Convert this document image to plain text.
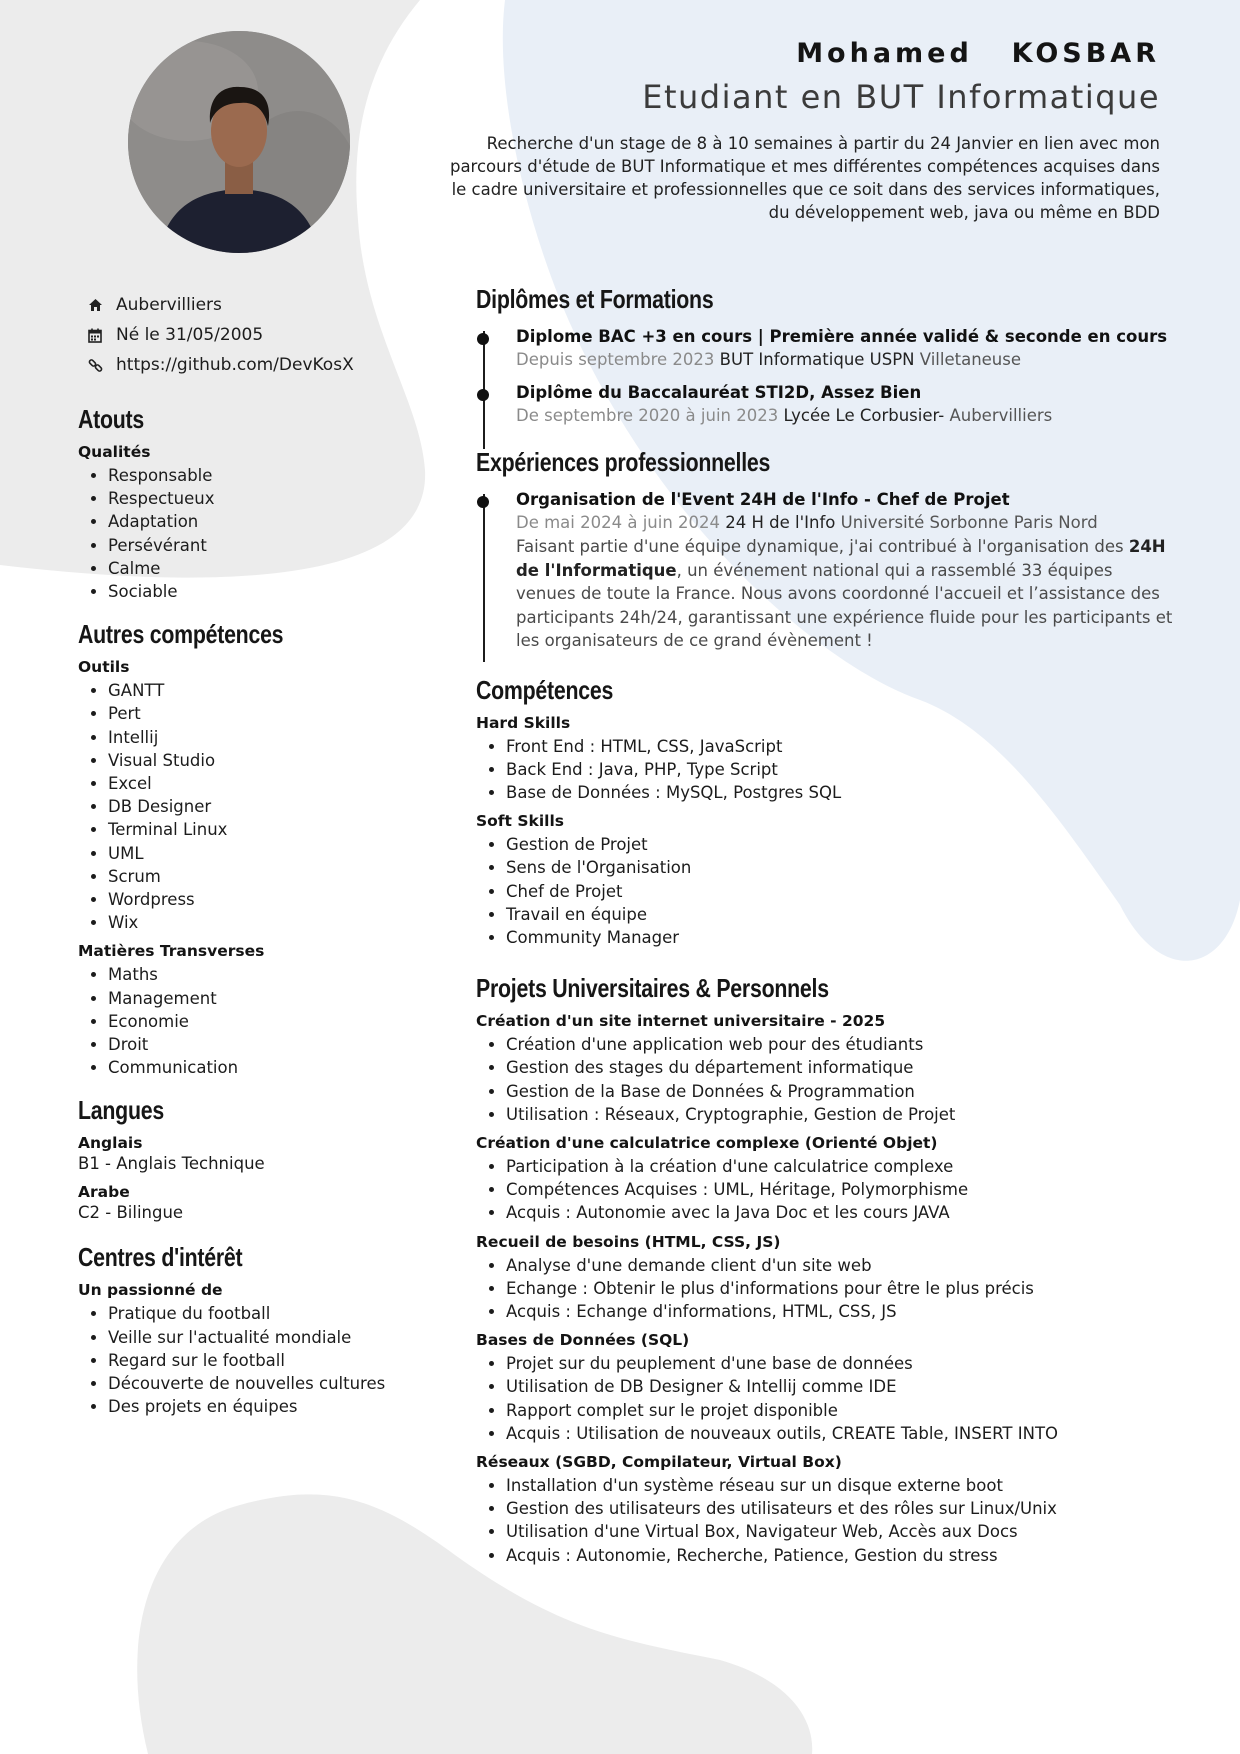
Mohamed  KOSBAR
Etudiant en BUT Informatique

Recherche d'un stage de 8 à 10 semaines à partir du 24 Janvier en lien avec mon parcours d'étude de BUT Informatique et mes différentes compétences acquises dans le cadre universitaire et professionnelles que ce soit dans des services informatiques, du développement web, java ou même en BDD

Aubervilliers
Né le 31/05/2005
https://github.com/DevKosX
Atouts

Qualités

• Responsable
• Respectueux
• Adaptation
• Persévérant
• Calme
• Sociable
Autres compétences

Outils

• GANTT
• Pert
• Intellij
• Visual Studio
• Excel
• DB Designer
• Terminal Linux
• UML
• Scrum
• Wordpress
• Wix

Matières Transverses

• Maths
• Management
• Economie
• Droit
• Communication
Langues

Anglais

B1 - Anglais Technique

Arabe

C2 - Bilingue

Centres d'intérêt

Un passionné de

• Pratique du football
• Veille sur l'actualité mondiale
• Regard sur le football
• Découverte de nouvelles cultures
• Des projets en équipes
Diplômes et Formations

Diplome BAC +3 en cours | Première année validé & seconde en cours

Depuis septembre 2023 BUT Informatique USPN Villetaneuse

Diplôme du Baccalauréat STI2D, Assez Bien

De septembre 2020 à juin 2023 Lycée Le Corbusier- Aubervilliers

Expériences professionnelles

Organisation de l'Event 24H de l'Info - Chef de Projet

De mai 2024 à juin 2024 24 H de l'Info Université Sorbonne Paris Nord

Faisant partie d'une équipe dynamique, j'ai contribué à l'organisation des 24H de l'Informatique, un événement national qui a rassemblé 33 équipes venues de toute la France. Nous avons coordonné l'accueil et l’assistance des participants 24h/24, garantissant une expérience fluide pour les participants et les organisateurs de ce grand évènement !

Compétences

Hard Skills

• Front End : HTML, CSS, JavaScript
• Back End : Java, PHP, Type Script
• Base de Données : MySQL, Postgres SQL

Soft Skills

• Gestion de Projet
• Sens de l'Organisation
• Chef de Projet
• Travail en équipe
• Community Manager
Projets Universitaires & Personnels

Création d'un site internet universitaire - 2025

• Création d'une application web pour des étudiants
• Gestion des stages du département informatique
• Gestion de la Base de Données & Programmation
• Utilisation : Réseaux, Cryptographie, Gestion de Projet

Création d'une calculatrice complexe (Orienté Objet)

• Participation à la création d'une calculatrice complexe
• Compétences Acquises : UML, Héritage, Polymorphisme
• Acquis : Autonomie avec la Java Doc et les cours JAVA

Recueil de besoins (HTML, CSS, JS)

• Analyse d'une demande client d'un site web
• Echange : Obtenir le plus d'informations pour être le plus précis
• Acquis : Echange d'informations, HTML, CSS, JS

Bases de Données (SQL)

• Projet sur du peuplement d'une base de données
• Utilisation de DB Designer & Intellij comme IDE
• Rapport complet sur le projet disponible
• Acquis : Utilisation de nouveaux outils, CREATE Table, INSERT INTO

Réseaux (SGBD, Compilateur, Virtual Box)

• Installation d'un système réseau sur un disque externe boot
• Gestion des utilisateurs des utilisateurs et des rôles sur Linux/Unix
• Utilisation d'une Virtual Box, Navigateur Web, Accès aux Docs
• Acquis : Autonomie, Recherche, Patience, Gestion du stress
